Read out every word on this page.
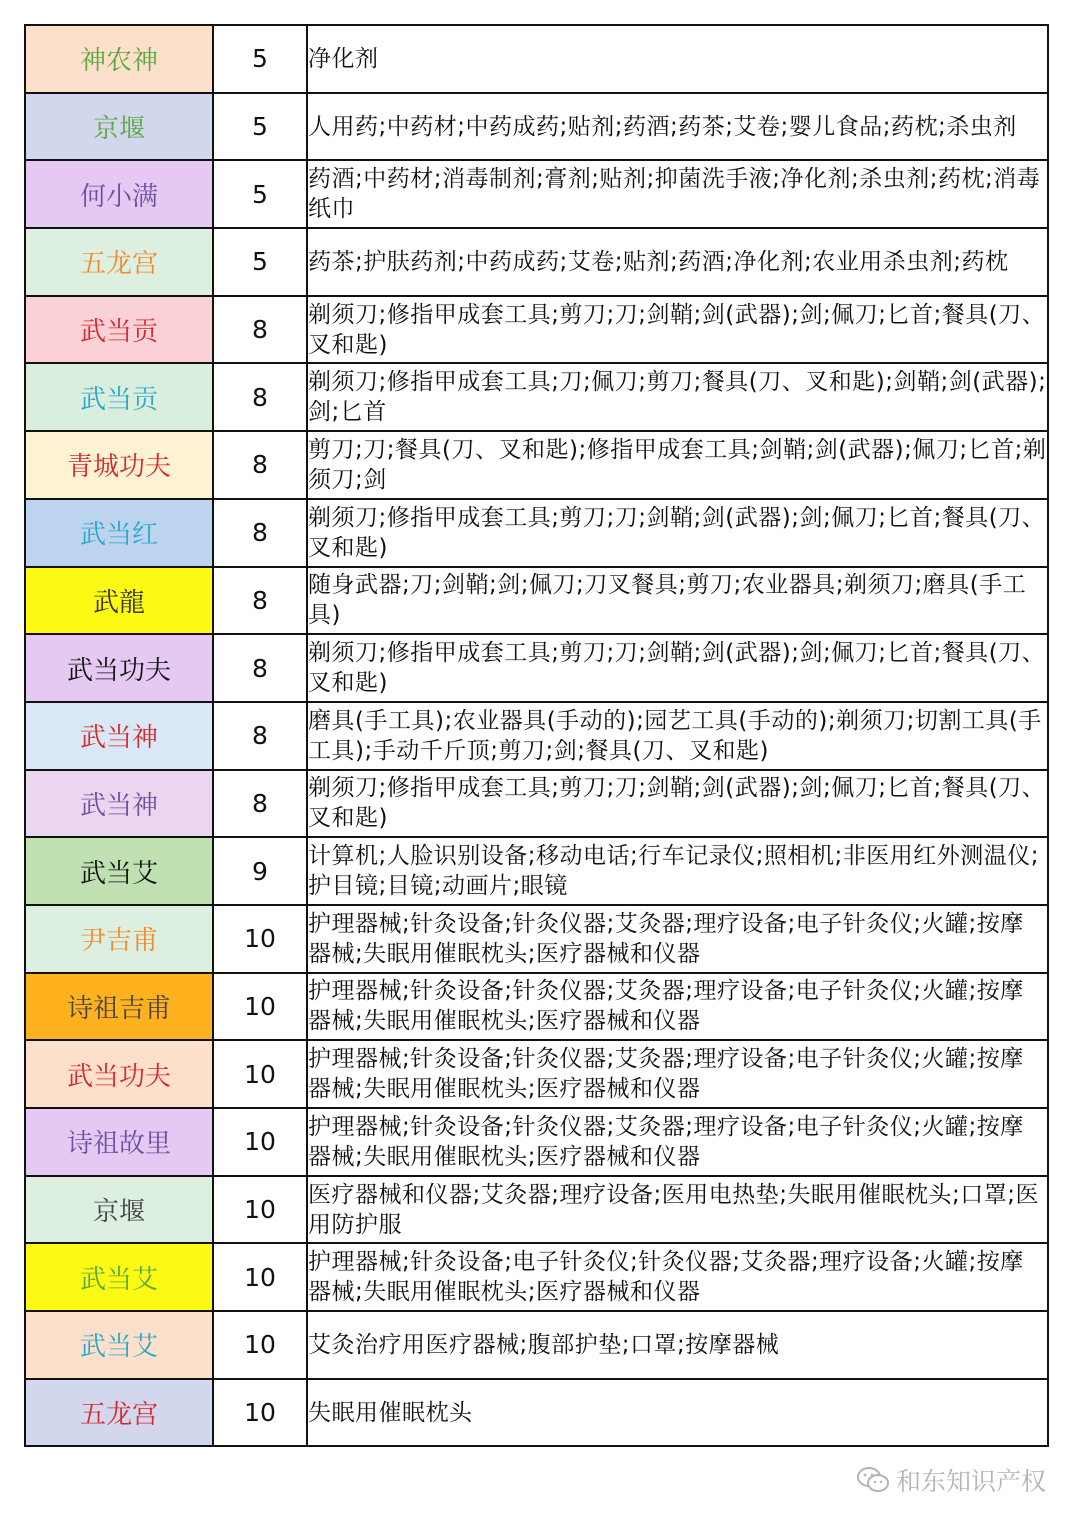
神农神	5	净化剂
京堰	5	人用药;中药材;中药成药;贴剂;药酒;药茶;艾卷;婴儿食品;药枕;杀虫剂
何小满	5	药酒;中药材;消毒制剂;膏剂;贴剂;抑菌洗手液;净化剂;杀虫剂;药枕;消毒纸巾
五龙宫	5	药茶;护肤药剂;中药成药;艾卷;贴剂;药酒;净化剂;农业用杀虫剂;药枕
武当贡	8	剃须刀;修指甲成套工具;剪刀;刀;剑鞘;剑(武器);剑;佩刀;匕首;餐具(刀、叉和匙)
武当贡	8	剃须刀;修指甲成套工具;刀;佩刀;剪刀;餐具(刀、叉和匙);剑鞘;剑(武器);剑;匕首
青城功夫	8	剪刀;刀;餐具(刀、叉和匙);修指甲成套工具;剑鞘;剑(武器);佩刀;匕首;剃须刀;剑
武当红	8	剃须刀;修指甲成套工具;剪刀;刀;剑鞘;剑(武器);剑;佩刀;匕首;餐具(刀、叉和匙)
武龍	8	随身武器;刀;剑鞘;剑;佩刀;刀叉餐具;剪刀;农业器具;剃须刀;磨具(手工具)
武当功夫	8	剃须刀;修指甲成套工具;剪刀;刀;剑鞘;剑(武器);剑;佩刀;匕首;餐具(刀、叉和匙)
武当神	8	磨具(手工具);农业器具(手动的);园艺工具(手动的);剃须刀;切割工具(手工具);手动千斤顶;剪刀;剑;餐具(刀、叉和匙)
武当神	8	剃须刀;修指甲成套工具;剪刀;刀;剑鞘;剑(武器);剑;佩刀;匕首;餐具(刀、叉和匙)
武当艾	9	计算机;人脸识别设备;移动电话;行车记录仪;照相机;非医用红外测温仪;护目镜;目镜;动画片;眼镜
尹吉甫	10	护理器械;针灸设备;针灸仪器;艾灸器;理疗设备;电子针灸仪;火罐;按摩器械;失眠用催眠枕头;医疗器械和仪器
诗祖吉甫	10	护理器械;针灸设备;针灸仪器;艾灸器;理疗设备;电子针灸仪;火罐;按摩器械;失眠用催眠枕头;医疗器械和仪器
武当功夫	10	护理器械;针灸设备;针灸仪器;艾灸器;理疗设备;电子针灸仪;火罐;按摩器械;失眠用催眠枕头;医疗器械和仪器
诗祖故里	10	护理器械;针灸设备;针灸仪器;艾灸器;理疗设备;电子针灸仪;火罐;按摩器械;失眠用催眠枕头;医疗器械和仪器
京堰	10	医疗器械和仪器;艾灸器;理疗设备;医用电热垫;失眠用催眠枕头;口罩;医用防护服
武当艾	10	护理器械;针灸设备;电子针灸仪;针灸仪器;艾灸器;理疗设备;火罐;按摩器械;失眠用催眠枕头;医疗器械和仪器
武当艾	10	艾灸治疗用医疗器械;腹部护垫;口罩;按摩器械
五龙宫	10	失眠用催眠枕头
和东知识产权
